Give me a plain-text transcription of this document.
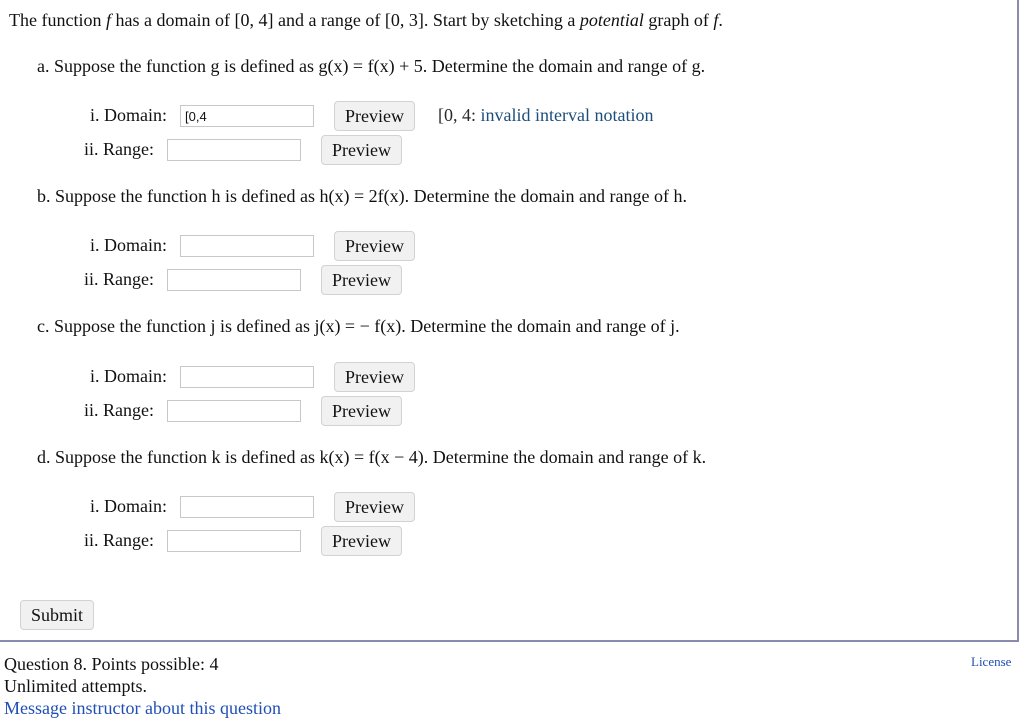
The function f has a domain of [0, 4] and a range of [0, 3]. Start by sketching a potential graph of f.
a. Suppose the function g is defined as g(x) = f(x) + 5. Determine the domain and range of g.
i. Domain:
[0,4	Preview	[0, 4: invalid interval notation
ii. Range:	Preview
b. Suppose the function h is defined as h(x) = 2f(x). Determine the domain and range of h.
i. Domain:	Preview
ii. Range:	Preview
c. Suppose the function j is defined as j(x) = − f(x). Determine the domain and range of j.
i. Domain:	Preview
ii. Range:	Preview
d. Suppose the function k is defined as k(x) = f(x − 4). Determine the domain and range of k.
i. Domain:	Preview
ii. Range:	Preview
Submit
Question 8. Points possible: 4
Unlimited attempts.
Message instructor about this question
License
